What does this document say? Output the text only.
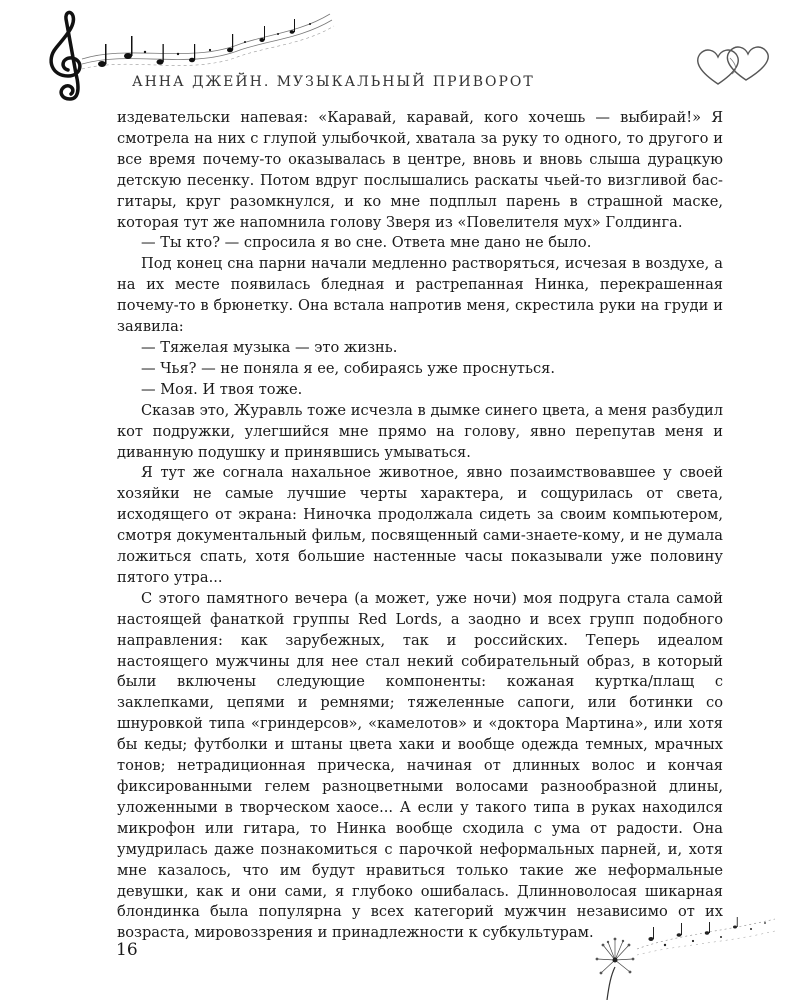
АННА ДЖЕЙН. МУЗЫКАЛЬНЫЙ ПРИВОРОТ

издевательски напевая: «Каравай, каравай, кого хочешь — выбирай!» Я смотрела на них с глупой улыбочкой, хватала за руку то одного, то другого и все время почему-то оказывалась в центре, вновь и вновь слыша дурацкую детскую песенку. Потом вдруг послышались раскаты чьей-то визгливой бас-гитары, круг разомкнулся, и ко мне подплыл парень в страшной маске, которая тут же напомнила голову Зверя из «Повелителя мух» Голдинга.

— Ты кто? — спросила я во сне. Ответа мне дано не было.

Под конец сна парни начали медленно растворяться, исчезая в воздухе, а на их месте появилась бледная и растрепанная Нинка, перекрашенная почему-то в брюнетку. Она встала напротив меня, скрестила руки на груди и заявила:

— Тяжелая музыка — это жизнь.

— Чья? — не поняла я ее, собираясь уже проснуться.

— Моя. И твоя тоже.

Сказав это, Журавль тоже исчезла в дымке синего цвета, а меня разбудил кот подружки, улегшийся мне прямо на голову, явно перепутав меня и диванную подушку и принявшись умываться.

Я тут же согнала нахальное животное, явно позаимствовавшее у своей хозяйки не самые лучшие черты характера, и сощурилась от света, исходящего от экрана: Ниночка продолжала сидеть за своим компьютером, смотря документальный фильм, посвященный сами-знаете-кому, и не думала ложиться спать, хотя большие настенные часы показывали уже половину пятого утра...

С этого памятного вечера (а может, уже ночи) моя подруга стала самой настоящей фанаткой группы Red Lords, а заодно и всех групп подобного направления: как зарубежных, так и российских. Теперь идеалом настоящего мужчины для нее стал некий собирательный образ, в который были включены следующие компоненты: кожаная куртка/плащ с заклепками, цепями и ремнями; тяжеленные сапоги, или ботинки со шнуровкой типа «гриндерсов», «камелотов» и «доктора Мартина», или хотя бы кеды; футболки и штаны цвета хаки и вообще одежда темных, мрачных тонов; нетрадиционная прическа, начиная от длинных волос и кончая фиксированными гелем разноцветными волосами разнообразной длины, уложенными в творческом хаосе... А если у такого типа в руках находился микрофон или гитара, то Нинка вообще сходила с ума от радости. Она умудрилась даже познакомиться с парочкой неформальных парней, и, хотя мне казалось, что им будут нравиться только такие же неформальные девушки, как и они сами, я глубоко ошибалась. Длинноволосая шикарная блондинка была популярна у всех категорий мужчин независимо от их возраста, мировоззрения и принадлежности к субкультурам.

16
